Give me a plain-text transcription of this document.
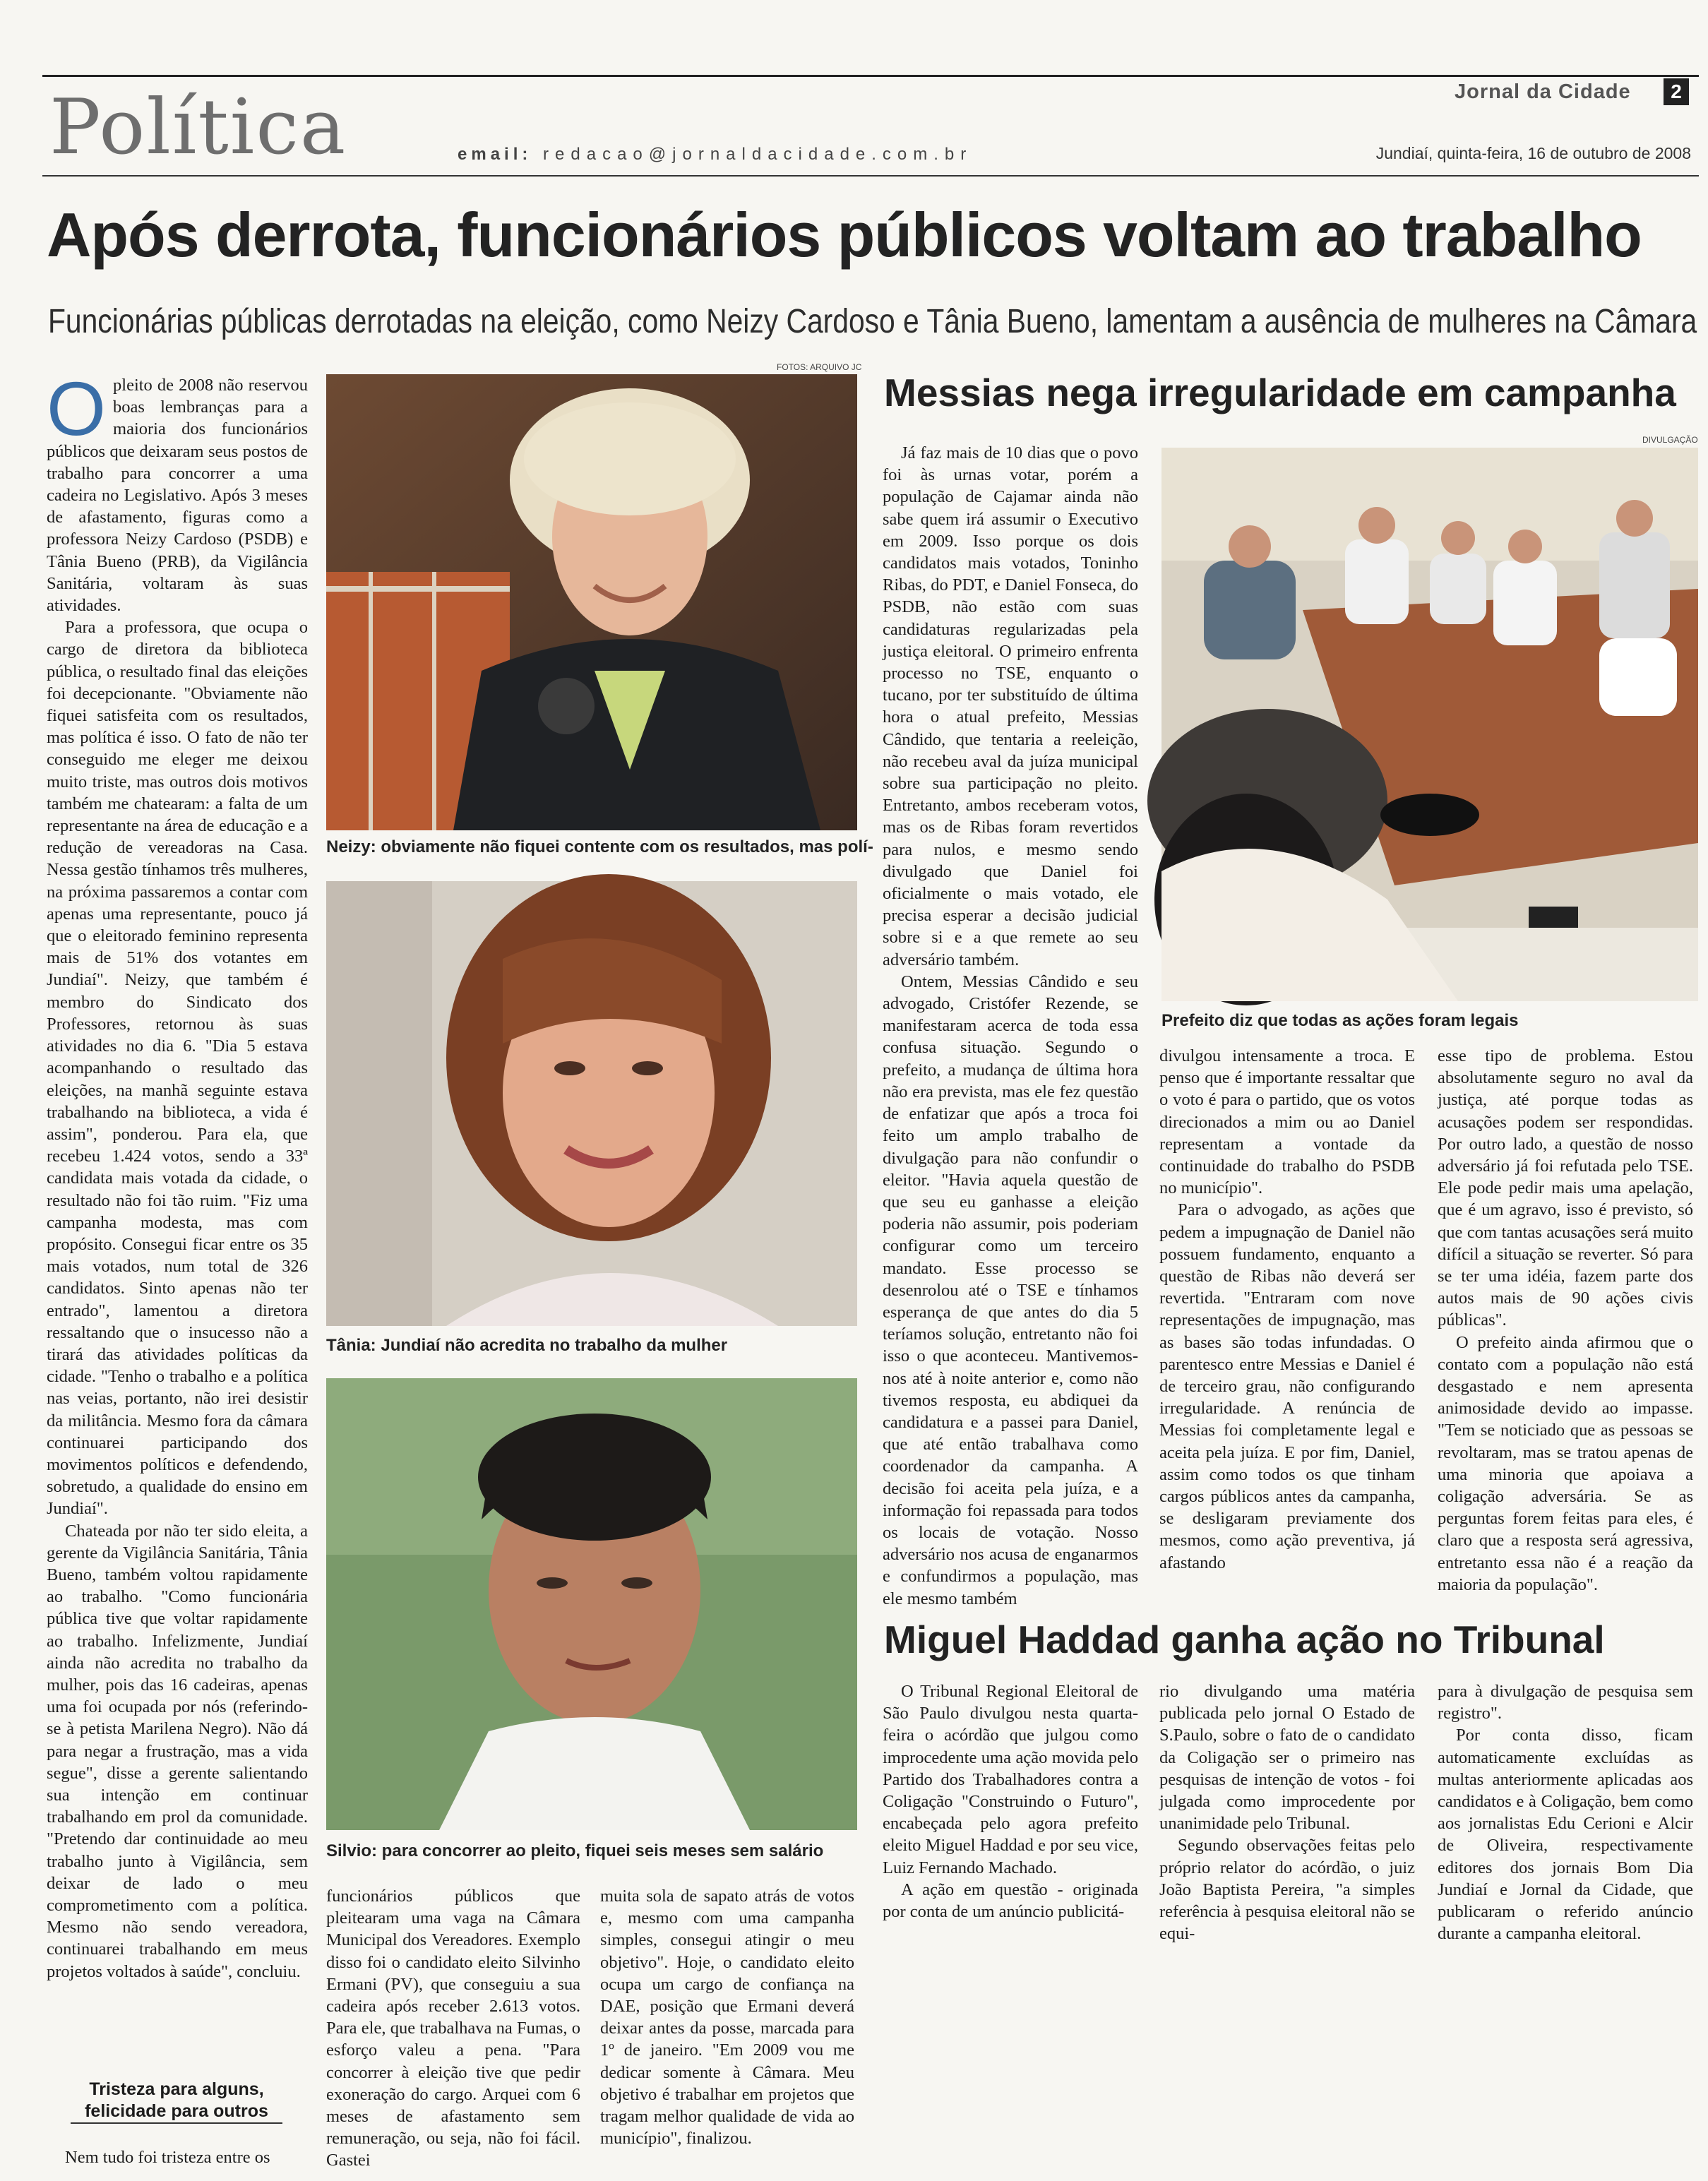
Política	email: redacao@jornaldacidade.com.br
Jornal da Cidade	2
Jundiaí, quinta-feira, 16 de outubro de 2008
Após derrota, funcionários públicos voltam ao trabalho
Funcionárias públicas derrotadas na eleição, como Neizy Cardoso e Tânia Bueno, lamentam a ausência de mulheres na Câmara

Opleito de 2008 não reservou boas lembranças para a maioria dos funcionários públicos que deixaram seus postos de trabalho para concorrer a uma cadeira no Legislativo. Após 3 meses de afastamento, figuras como a professora Neizy Cardoso (PSDB) e Tânia Bueno (PRB), da Vigilância Sanitária, voltaram às suas atividades.

Para a professora, que ocupa o cargo de diretora da biblioteca pública, o resultado final das eleições foi decepcionante. "Obviamente não fiquei satisfeita com os resultados, mas política é isso. O fato de não ter conseguido me eleger me deixou muito triste, mas outros dois motivos também me chatearam: a falta de um representante na área de educação e a redução de vereadoras na Casa. Nessa gestão tínhamos três mulheres, na próxima passaremos a contar com apenas uma representante, pouco já que o eleitorado feminino representa mais de 51% dos votantes em Jundiaí". Neizy, que também é membro do Sindicato dos Professores, retornou às suas atividades no dia 6. "Dia 5 estava acompanhando o resultado das eleições, na manhã seguinte estava trabalhando na biblioteca, a vida é assim", ponderou. Para ela, que recebeu 1.424 votos, sendo a 33ª candidata mais votada da cidade, o resultado não foi tão ruim. "Fiz uma campanha modesta, mas com propósito. Consegui ficar entre os 35 mais votados, num total de 326 candidatos. Sinto apenas não ter entrado", lamentou a diretora ressaltando que o insucesso não a tirará das atividades políticas da cidade. "Tenho o trabalho e a política nas veias, portanto, não irei desistir da militância. Mesmo fora da câmara continuarei participando dos movimentos políticos e defendendo, sobretudo, a qualidade do ensino em Jundiaí".

Chateada por não ter sido eleita, a gerente da Vigilância Sanitária, Tânia Bueno, também voltou rapidamente ao trabalho. "Como funcionária pública tive que voltar rapidamente ao trabalho. Infelizmente, Jundiaí ainda não acredita no trabalho da mulher, pois das 16 cadeiras, apenas uma foi ocupada por nós (referindo-se à petista Marilena Negro). Não dá para negar a frustração, mas a vida segue", disse a gerente salientando sua intenção em continuar trabalhando em prol da comunidade. "Pretendo dar continuidade ao meu trabalho junto à Vigilância, sem deixar de lado o meu comprometimento com a política. Mesmo não sendo vereadora, continuarei trabalhando em meus projetos voltados à saúde", concluiu.

Tristeza para alguns, felicidade para outros

Nem tudo foi tristeza entre os

FOTOS: ARQUIVO JC
Neizy: obviamente não fiquei contente com os resultados, mas polí-
Tânia: Jundiaí não acredita no trabalho da mulher
Silvio: para concorrer ao pleito, fiquei seis meses sem salário

funcionários públicos que pleitearam uma vaga na Câmara Municipal dos Vereadores. Exemplo disso foi o candidato eleito Silvinho Ermani (PV), que conseguiu a sua cadeira após receber 2.613 votos. Para ele, que trabalhava na Fumas, o esforço valeu a pena. "Para concorrer à eleição tive que pedir exoneração do cargo. Arquei com 6 meses de afastamento sem remuneração, ou seja, não foi fácil. Gastei

muita sola de sapato atrás de votos e, mesmo com uma campanha simples, consegui atingir o meu objetivo". Hoje, o candidato eleito ocupa um cargo de confiança na DAE, posição que Ermani deverá deixar antes da posse, marcada para 1º de janeiro. "Em 2009 vou me dedicar somente à Câmara. Meu objetivo é trabalhar em projetos que tragam melhor qualidade de vida ao município", finalizou.

Messias nega irregularidade em campanha
DIVULGAÇÃO

Já faz mais de 10 dias que o povo foi às urnas votar, porém a população de Cajamar ainda não sabe quem irá assumir o Executivo em 2009. Isso porque os dois candidatos mais votados, Toninho Ribas, do PDT, e Daniel Fonseca, do PSDB, não estão com suas candidaturas regularizadas pela justiça eleitoral. O primeiro enfrenta processo no TSE, enquanto o tucano, por ter substituído de última hora o atual prefeito, Messias Cândido, que tentaria a reeleição, não recebeu aval da juíza municipal sobre sua participação no pleito. Entretanto, ambos receberam votos, mas os de Ribas foram revertidos para nulos, e mesmo sendo divulgado que Daniel foi oficialmente o mais votado, ele precisa esperar a decisão judicial sobre si e a que remete ao seu adversário também.

Ontem, Messias Cândido e seu advogado, Cristófer Rezende, se manifestaram acerca de toda essa confusa situação. Segundo o prefeito, a mudança de última hora não era prevista, mas ele fez questão de enfatizar que após a troca foi feito um amplo trabalho de divulgação para não confundir o eleitor. "Havia aquela questão de que seu eu ganhasse a eleição poderia não assumir, pois poderiam configurar como um terceiro mandato. Esse processo se desenrolou até o TSE e tínhamos esperança de que antes do dia 5 teríamos solução, entretanto não foi isso o que aconteceu. Mantivemos-nos até à noite anterior e, como não tivemos resposta, eu abdiquei da candidatura e a passei para Daniel, que até então trabalhava como coordenador da campanha. A decisão foi aceita pela juíza, e a informação foi repassada para todos os locais de votação. Nosso adversário nos acusa de enganarmos e confundirmos a população, mas ele mesmo também

Prefeito diz que todas as ações foram legais

divulgou intensamente a troca. E penso que é importante ressaltar que o voto é para o partido, que os votos direcionados a mim ou ao Daniel representam a vontade da continuidade do trabalho do PSDB no município".

Para o advogado, as ações que pedem a impugnação de Daniel não possuem fundamento, enquanto a questão de Ribas não deverá ser revertida. "Entraram com nove representações de impugnação, mas as bases são todas infundadas. O parentesco entre Messias e Daniel é de terceiro grau, não configurando irregularidade. A renúncia de Messias foi completamente legal e aceita pela juíza. E por fim, Daniel, assim como todos os que tinham cargos públicos antes da campanha, se desligaram previamente dos mesmos, como ação preventiva, já afastando

esse tipo de problema. Estou absolutamente seguro no aval da justiça, até porque todas as acusações podem ser respondidas. Por outro lado, a questão de nosso adversário já foi refutada pelo TSE. Ele pode pedir mais uma apelação, que é um agravo, isso é previsto, só que com tantas acusações será muito difícil a situação se reverter. Só para se ter uma idéia, fazem parte dos autos mais de 90 ações civis públicas".

O prefeito ainda afirmou que o contato com a população não está desgastado e nem apresenta animosidade devido ao impasse. "Tem se noticiado que as pessoas se revoltaram, mas se tratou apenas de uma minoria que apoiava a coligação adversária. Se as perguntas forem feitas para eles, é claro que a resposta será agressiva, entretanto essa não é a reação da maioria da população".

Miguel Haddad ganha ação no Tribunal

O Tribunal Regional Eleitoral de São Paulo divulgou nesta quarta-feira o acórdão que julgou como improcedente uma ação movida pelo Partido dos Trabalhadores contra a Coligação "Construindo o Futuro", encabeçada pelo agora prefeito eleito Miguel Haddad e por seu vice, Luiz Fernando Machado.

A ação em questão - originada por conta de um anúncio publicitá-

rio divulgando uma matéria publicada pelo jornal O Estado de S.Paulo, sobre o fato de o candidato da Coligação ser o primeiro nas pesquisas de intenção de votos - foi julgada como improcedente por unanimidade pelo Tribunal.

Segundo observações feitas pelo próprio relator do acórdão, o juiz João Baptista Pereira, "a simples referência à pesquisa eleitoral não se equi-

para à divulgação de pesquisa sem registro".

Por conta disso, ficam automaticamente excluídas as multas anteriormente aplicadas aos candidatos e à Coligação, bem como aos jornalistas Edu Cerioni e Alcir de Oliveira, respectivamente editores dos jornais Bom Dia Jundiaí e Jornal da Cidade, que publicaram o referido anúncio durante a campanha eleitoral.
